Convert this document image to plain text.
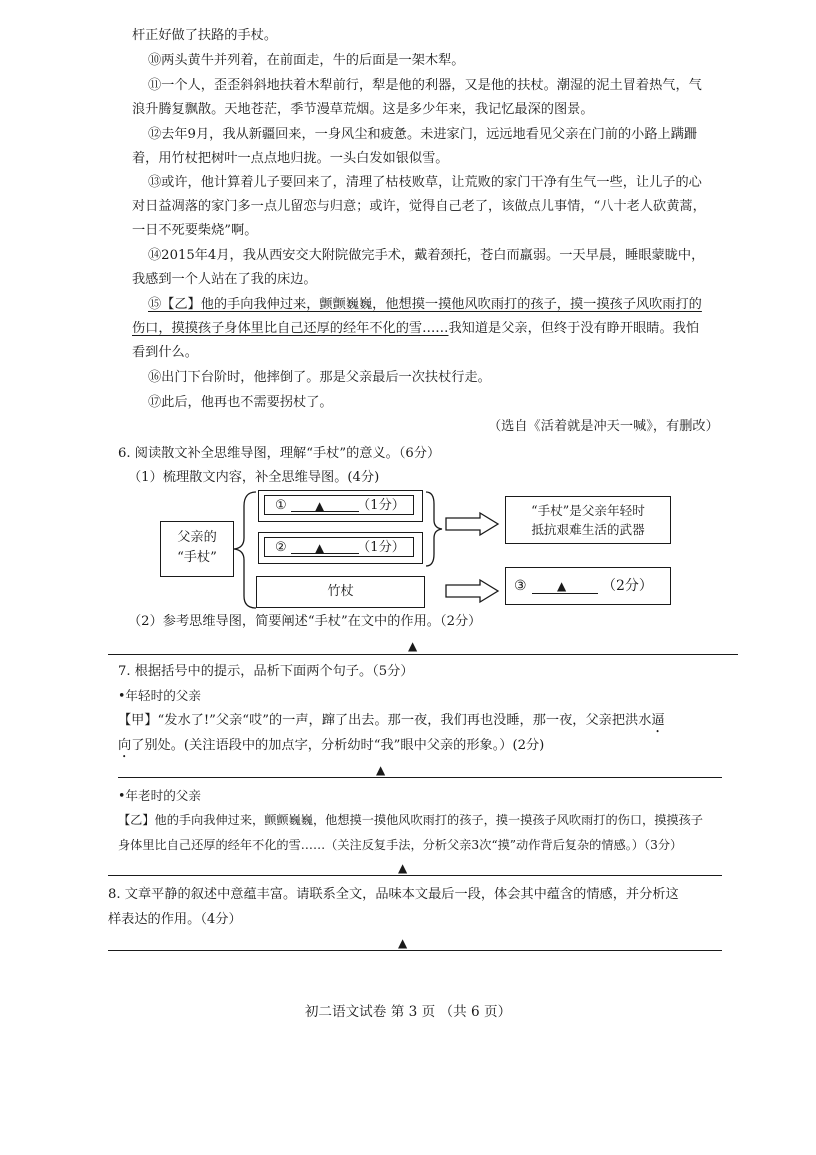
杆正好做了扶路的手杖。
⑩两头黄牛并列着，在前面走，牛的后面是一架木犁。
⑪一个人，歪歪斜斜地扶着木犁前行，犁是他的利器，又是他的扶杖。潮湿的泥土冒着热气，气
浪升腾复飘散。天地苍茫，季节漫草荒烟。这是多少年来，我记忆最深的图景。
⑫去年9月，我从新疆回来，一身风尘和疲惫。未进家门，远远地看见父亲在门前的小路上蹒跚
着，用竹杖把树叶一点点地归拢。一头白发如银似雪。
⑬或许，他计算着儿子要回来了，清理了枯枝败草，让荒败的家门干净有生气一些，让儿子的心
对日益凋落的家门多一点儿留恋与归意；或许，觉得自己老了，该做点儿事情，“八十老人砍黄蒿，
一日不死要柴烧”啊。
⑭2015年4月，我从西安交大附院做完手术，戴着颈托，苍白而羸弱。一天早晨，睡眼蒙眬中，
我感到一个人站在了我的床边。
⑮【乙】他的手向我伸过来，颤颤巍巍，他想摸一摸他风吹雨打的孩子，摸一摸孩子风吹雨打的
伤口，摸摸孩子身体里比自己还厚的经年不化的雪……我知道是父亲，但终于没有睁开眼睛。我怕
看到什么。
⑯出门下台阶时，他摔倒了。那是父亲最后一次扶杖行走。
⑰此后，他再也不需要拐杖了。
（选自《活着就是冲天一喊》，有删改）
6. 阅读散文补全思维导图，理解“手杖”的意义。（6分）
（1）梳理散文内容，补全思维导图。(4分)
父亲的
“手杖”
① ▲ （1分）
② ▲ （1分）
竹杖
“手杖”是父亲年轻时
抵抗艰难生活的武器
③	▲	（2分）
（2）参考思维导图，简要阐述“手杖”在文中的作用。（2分）
▲
7. 根据括号中的提示，品析下面两个句子。（5分）
•年轻时的父亲
【甲】“发水了!”父亲“哎”的一声，蹿了出去。那一夜，我们再也没睡，那一夜，父亲把洪水逼
向了别处。(关注语段中的加点字，分析幼时“我”眼中父亲的形象。）(2分)
▲
•年老时的父亲
【乙】他的手向我伸过来，颤颤巍巍，他想摸一摸他风吹雨打的孩子，摸一摸孩子风吹雨打的伤口，摸摸孩子
身体里比自己还厚的经年不化的雪……（关注反复手法，分析父亲3次“摸”动作背后复杂的情感。）（3分）
▲
8. 文章平静的叙述中意蕴丰富。请联系全文，品味本文最后一段，体会其中蕴含的情感，并分析这
样表达的作用。（4分）
▲
初二语文试卷 第 3 页 （共 6 页）
